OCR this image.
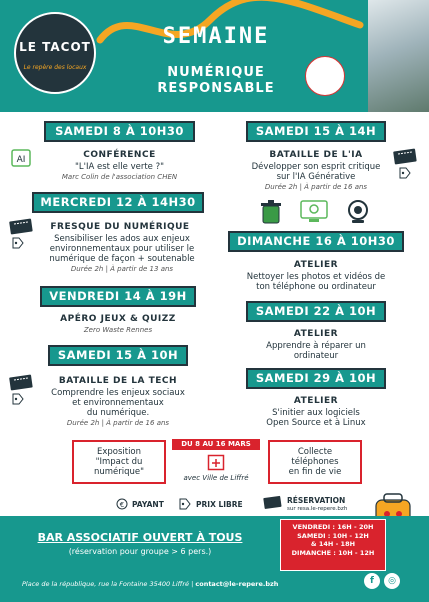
LE TACOT
Le repère des locaux
SEMAINE
NUMÉRIQUE
RESPONSABLE
SAMEDI 8 À 10H30
AI	CONFÉRENCE
"L'IA est elle verte ?"
Marc Colin de l'association CHEN
MERCREDI 12 À 14H30
FRESQUE DU NUMÉRIQUE
Sensibiliser les ados aux enjeux
environnementaux pour utiliser le
numérique de façon + soutenable
Durée 2h | À partir de 13 ans
VENDREDI 14 À 19H
APÉRO JEUX & QUIZZ
Zero Waste Rennes
SAMEDI 15 À 10H
BATAILLE DE LA TECH
Comprendre les enjeux sociaux
et environnementaux
du numérique.
Durée 2h | À partir de 16 ans
SAMEDI 15 À 14H
BATAILLE DE L'IA
Développer son esprit critique
sur l'IA Générative
Durée 2h | À partir de 16 ans
DIMANCHE 16 À 10H30
ATELIER
Nettoyer les photos et vidéos de
ton téléphone ou ordinateur
SAMEDI 22 À 10H
ATELIER
Apprendre à réparer un
ordinateur
SAMEDI 29 À 10H
ATELIER
S'initier aux logiciels
Open Source et à Linux
Exposition
"Impact du
numérique"
DU 8 AU 16 MARS
avec Ville de Liffré
Collecte
téléphones
en fin de vie
€ PAYANT	PRIX LIBRE	RÉSERVATION
sur resa.le-repere.bzh
BAR ASSOCIATIF OUVERT À TOUS
(réservation pour groupe > 6 pers.)
VENDREDI : 16H - 20H
SAMEDI : 10H - 12H
& 14H - 18H
DIMANCHE : 10H - 12H
Place de la république, rue la Fontaine 35400 Liffré | contact@le-repere.bzh	f	◎
